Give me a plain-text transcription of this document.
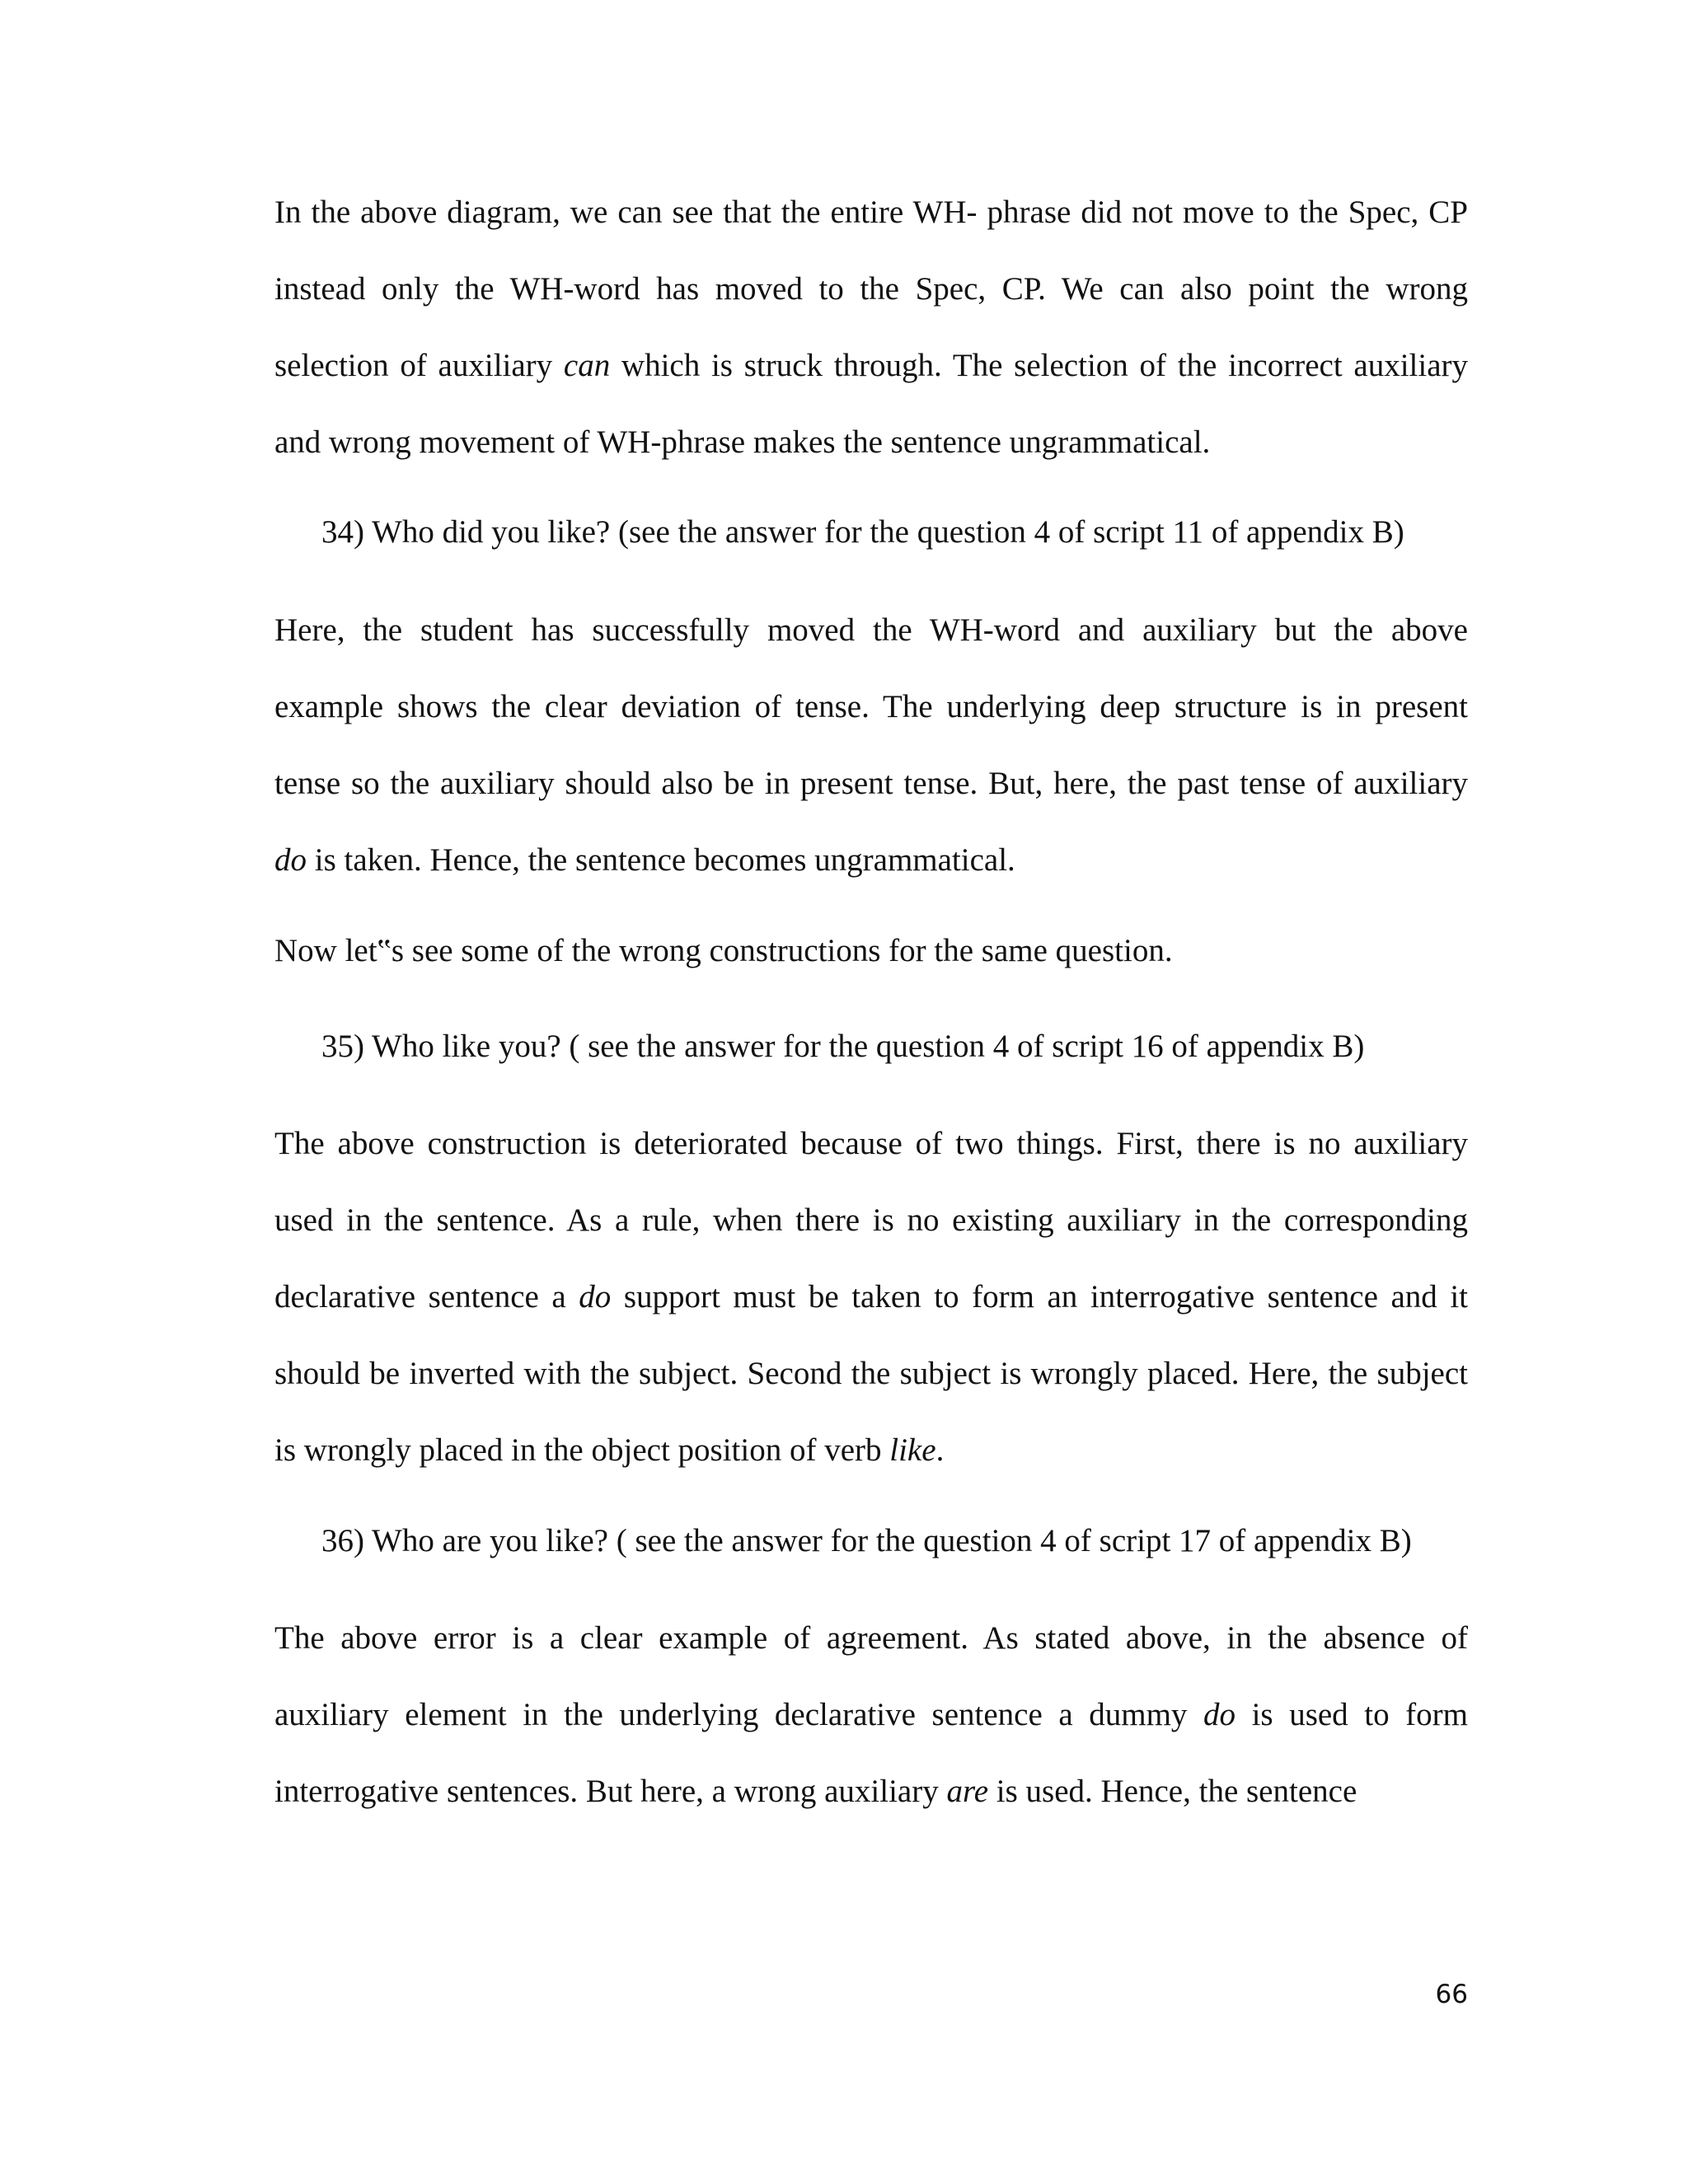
In the above diagram, we can see that the entire WH- phrase did not move to the Spec, CP
instead only the WH-word has moved to the Spec, CP. We can also point the wrong
selection of auxiliary can which is struck through. The selection of the incorrect auxiliary
and wrong movement of WH-phrase makes the sentence ungrammatical.
34) Who did you like? (see the answer for the question 4 of script 11 of appendix B)
Here, the student has successfully moved the WH-word and auxiliary but the above
example shows the clear deviation of tense. The underlying deep structure is in present
tense so the auxiliary should also be in present tense. But, here, the past tense of auxiliary
do is taken. Hence, the sentence becomes ungrammatical.
Now let‟s see some of the wrong constructions for the same question.
35) Who like you? ( see the answer for the question 4 of script 16 of appendix B)
The above construction is deteriorated because of two things. First, there is no auxiliary
used in the sentence. As a rule, when there is no existing auxiliary in the corresponding
declarative sentence a do support must be taken to form an interrogative sentence and it
should be inverted with the subject. Second the subject is wrongly placed. Here, the subject
is wrongly placed in the object position of verb like.
36) Who are you like? ( see the answer for the question 4 of script 17 of appendix B)
The above error is a clear example of agreement. As stated above, in the absence of
auxiliary element in the underlying declarative sentence a dummy do is used to form
interrogative sentences. But here, a wrong auxiliary are is used. Hence, the sentence
66
